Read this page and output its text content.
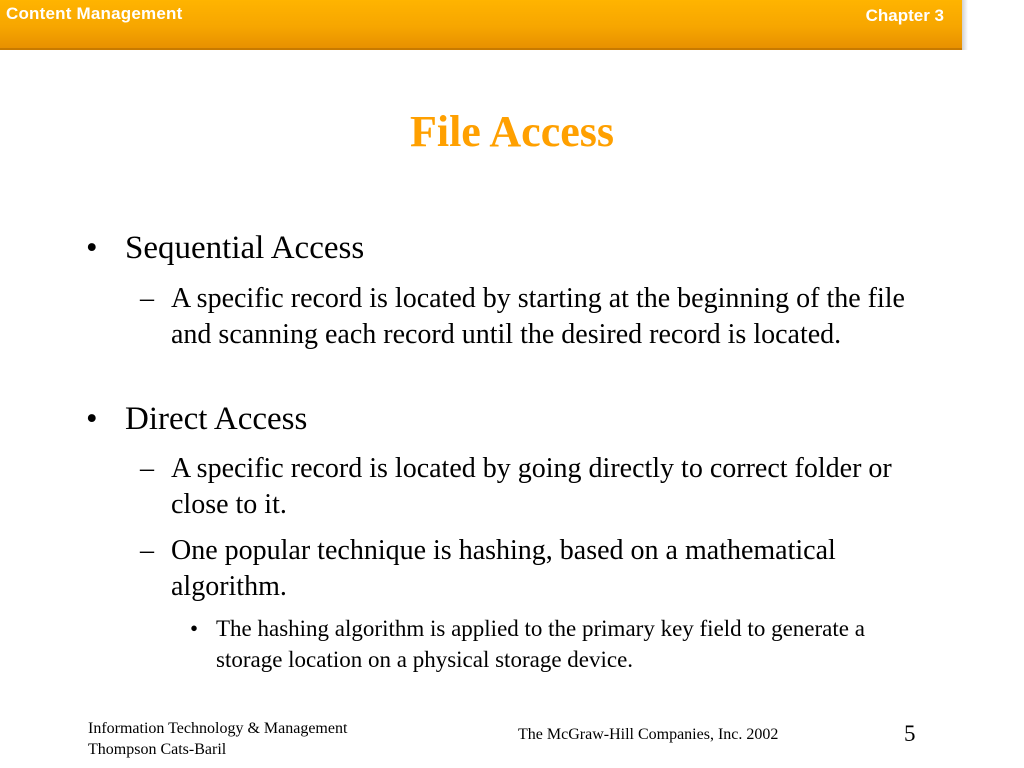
Content Management	Chapter 3
File Access
• Sequential Access
– A specific record is located by starting at the beginning of the file and scanning each record until the desired record is located.
• Direct Access
– A specific record is located by going directly to correct folder or close to it.
– One popular technique is hashing, based on a mathematical algorithm.
• The hashing algorithm is applied to the primary key field to generate a storage location on a physical storage device.
Information Technology & Management
Thompson Cats-Baril
The McGraw-Hill Companies, Inc. 2002	5
